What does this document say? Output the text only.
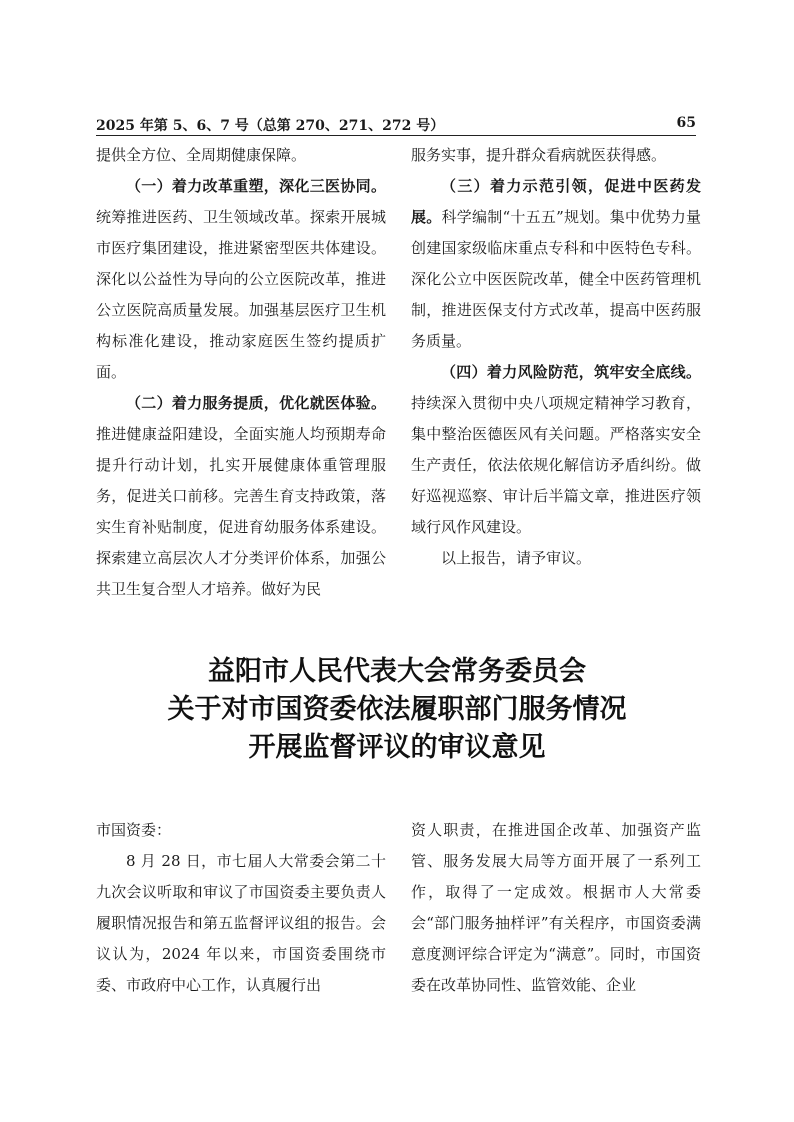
2025 年第 5、6、7 号（总第 270、271、272 号）	65

提供全方位、全周期健康保障。

（一）着力改革重塑，深化三医协同。统筹推进医药、卫生领域改革。探索开展城市医疗集团建设，推进紧密型医共体建设。深化以公益性为导向的公立医院改革，推进公立医院高质量发展。加强基层医疗卫生机构标准化建设，推动家庭医生签约提质扩面。

（二）着力服务提质，优化就医体验。推进健康益阳建设，全面实施人均预期寿命提升行动计划，扎实开展健康体重管理服务，促进关口前移。完善生育支持政策，落实生育补贴制度，促进育幼服务体系建设。探索建立高层次人才分类评价体系，加强公共卫生复合型人才培养。做好为民

服务实事，提升群众看病就医获得感。

（三）着力示范引领，促进中医药发展。科学编制“十五五”规划。集中优势力量创建国家级临床重点专科和中医特色专科。深化公立中医医院改革，健全中医药管理机制，推进医保支付方式改革，提高中医药服务质量。

（四）着力风险防范，筑牢安全底线。持续深入贯彻中央八项规定精神学习教育，集中整治医德医风有关问题。严格落实安全生产责任，依法依规化解信访矛盾纠纷。做好巡视巡察、审计后半篇文章，推进医疗领域行风作风建设。

以上报告，请予审议。

益阳市人民代表大会常务委员会
关于对市国资委依法履职部门服务情况
开展监督评议的审议意见

市国资委：

8 月 28 日，市七届人大常委会第二十九次会议听取和审议了市国资委主要负责人履职情况报告和第五监督评议组的报告。会议认为，2024 年以来，市国资委围绕市委、市政府中心工作，认真履行出

资人职责，在推进国企改革、加强资产监管、服务发展大局等方面开展了一系列工作，取得了一定成效。根据市人大常委会“部门服务抽样评”有关程序，市国资委满意度测评综合评定为“满意”。同时，市国资委在改革协同性、监管效能、企业
